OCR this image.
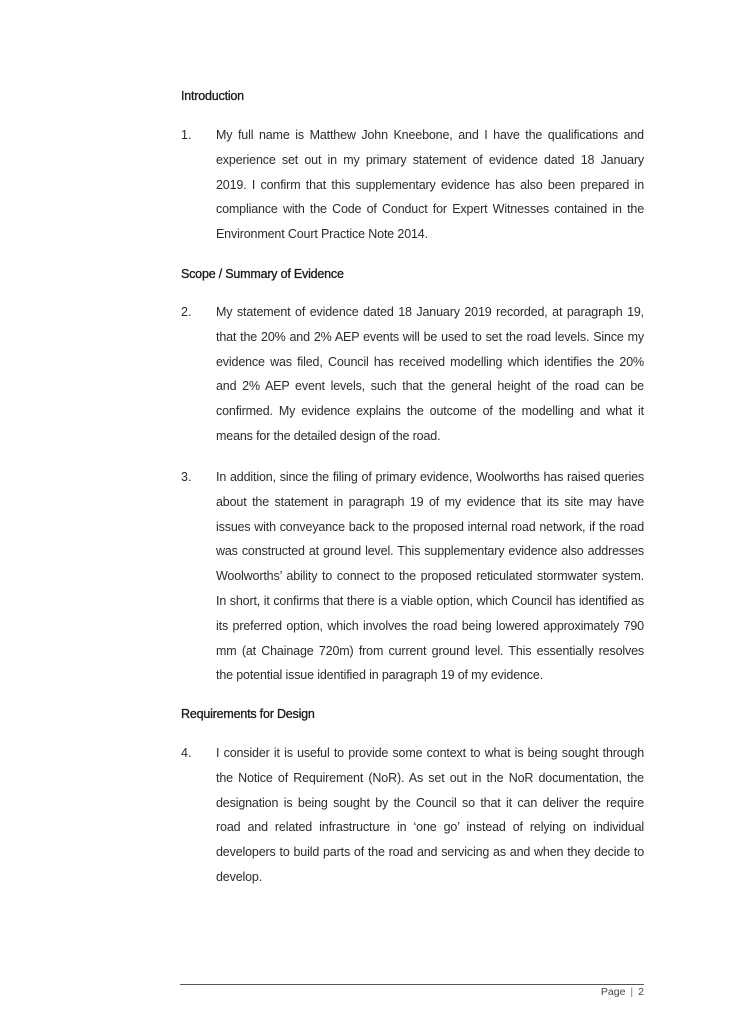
Introduction
1. My full name is Matthew John Kneebone, and I have the qualifications and experience set out in my primary statement of evidence dated 18 January 2019. I confirm that this supplementary evidence has also been prepared in compliance with the Code of Conduct for Expert Witnesses contained in the Environment Court Practice Note 2014.
Scope / Summary of Evidence
2. My statement of evidence dated 18 January 2019 recorded, at paragraph 19, that the 20% and 2% AEP events will be used to set the road levels. Since my evidence was filed, Council has received modelling which identifies the 20% and 2% AEP event levels, such that the general height of the road can be confirmed. My evidence explains the outcome of the modelling and what it means for the detailed design of the road.
3. In addition, since the filing of primary evidence, Woolworths has raised queries about the statement in paragraph 19 of my evidence that its site may have issues with conveyance back to the proposed internal road network, if the road was constructed at ground level. This supplementary evidence also addresses Woolworths’ ability to connect to the proposed reticulated stormwater system. In short, it confirms that there is a viable option, which Council has identified as its preferred option, which involves the road being lowered approximately 790 mm (at Chainage 720m) from current ground level. This essentially resolves the potential issue identified in paragraph 19 of my evidence.
Requirements for Design
4. I consider it is useful to provide some context to what is being sought through the Notice of Requirement (NoR). As set out in the NoR documentation, the designation is being sought by the Council so that it can deliver the require road and related infrastructure in ‘one go’ instead of relying on individual developers to build parts of the road and servicing as and when they decide to develop.
Page | 2
